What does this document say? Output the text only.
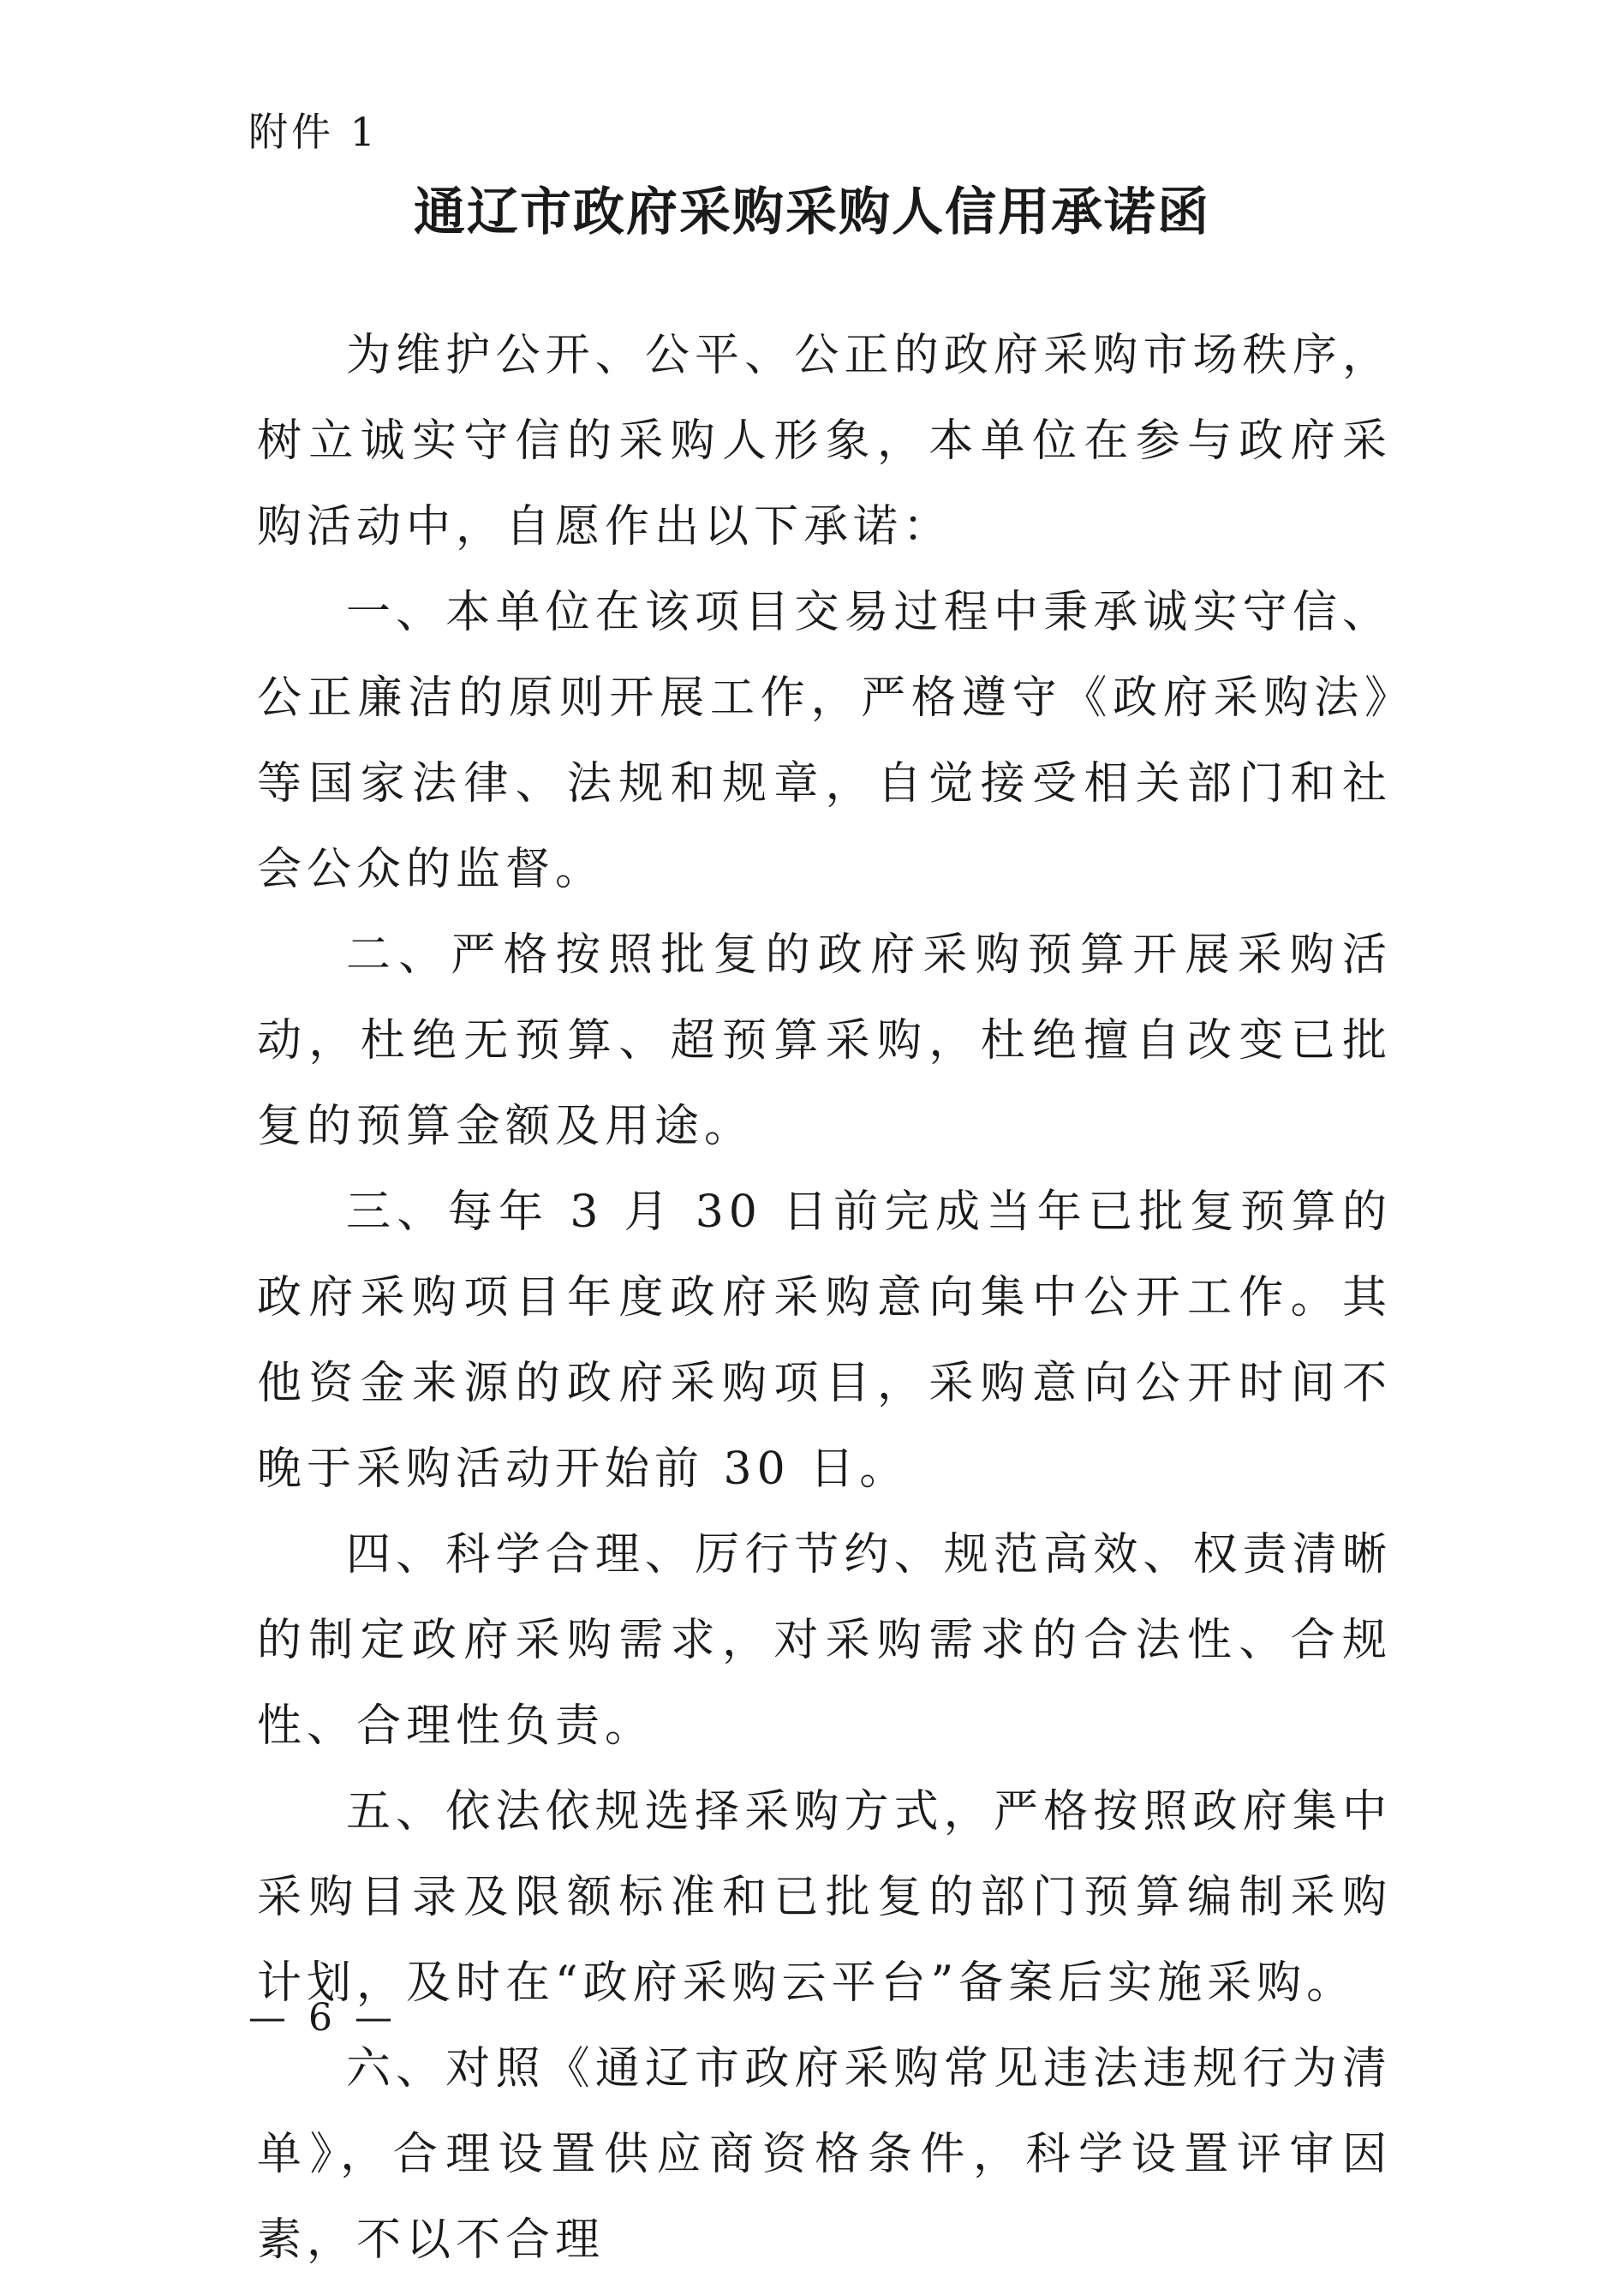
附件 1
通辽市政府采购采购人信用承诺函

为维护公开、公平、公正的政府采购市场秩序，树立诚实守信的采购人形象，本单位在参与政府采购活动中，自愿作出以下承诺：

一、本单位在该项目交易过程中秉承诚实守信、公正廉洁的原则开展工作，严格遵守《政府采购法》等国家法律、法规和规章，自觉接受相关部门和社会公众的监督。

二、严格按照批复的政府采购预算开展采购活动，杜绝无预算、超预算采购，杜绝擅自改变已批复的预算金额及用途。

三、每年 3 月 30 日前完成当年已批复预算的政府采购项目年度政府采购意向集中公开工作。其他资金来源的政府采购项目，采购意向公开时间不晚于采购活动开始前 30 日。

四、科学合理、厉行节约、规范高效、权责清晰的制定政府采购需求，对采购需求的合法性、合规性、合理性负责。

五、依法依规选择采购方式，严格按照政府集中采购目录及限额标准和已批复的部门预算编制采购计划，及时在“政府采购云平台”备案后实施采购。

六、对照《通辽市政府采购常见违法违规行为清单》，合理设置供应商资格条件，科学设置评审因素，不以不合理

— 6 —
